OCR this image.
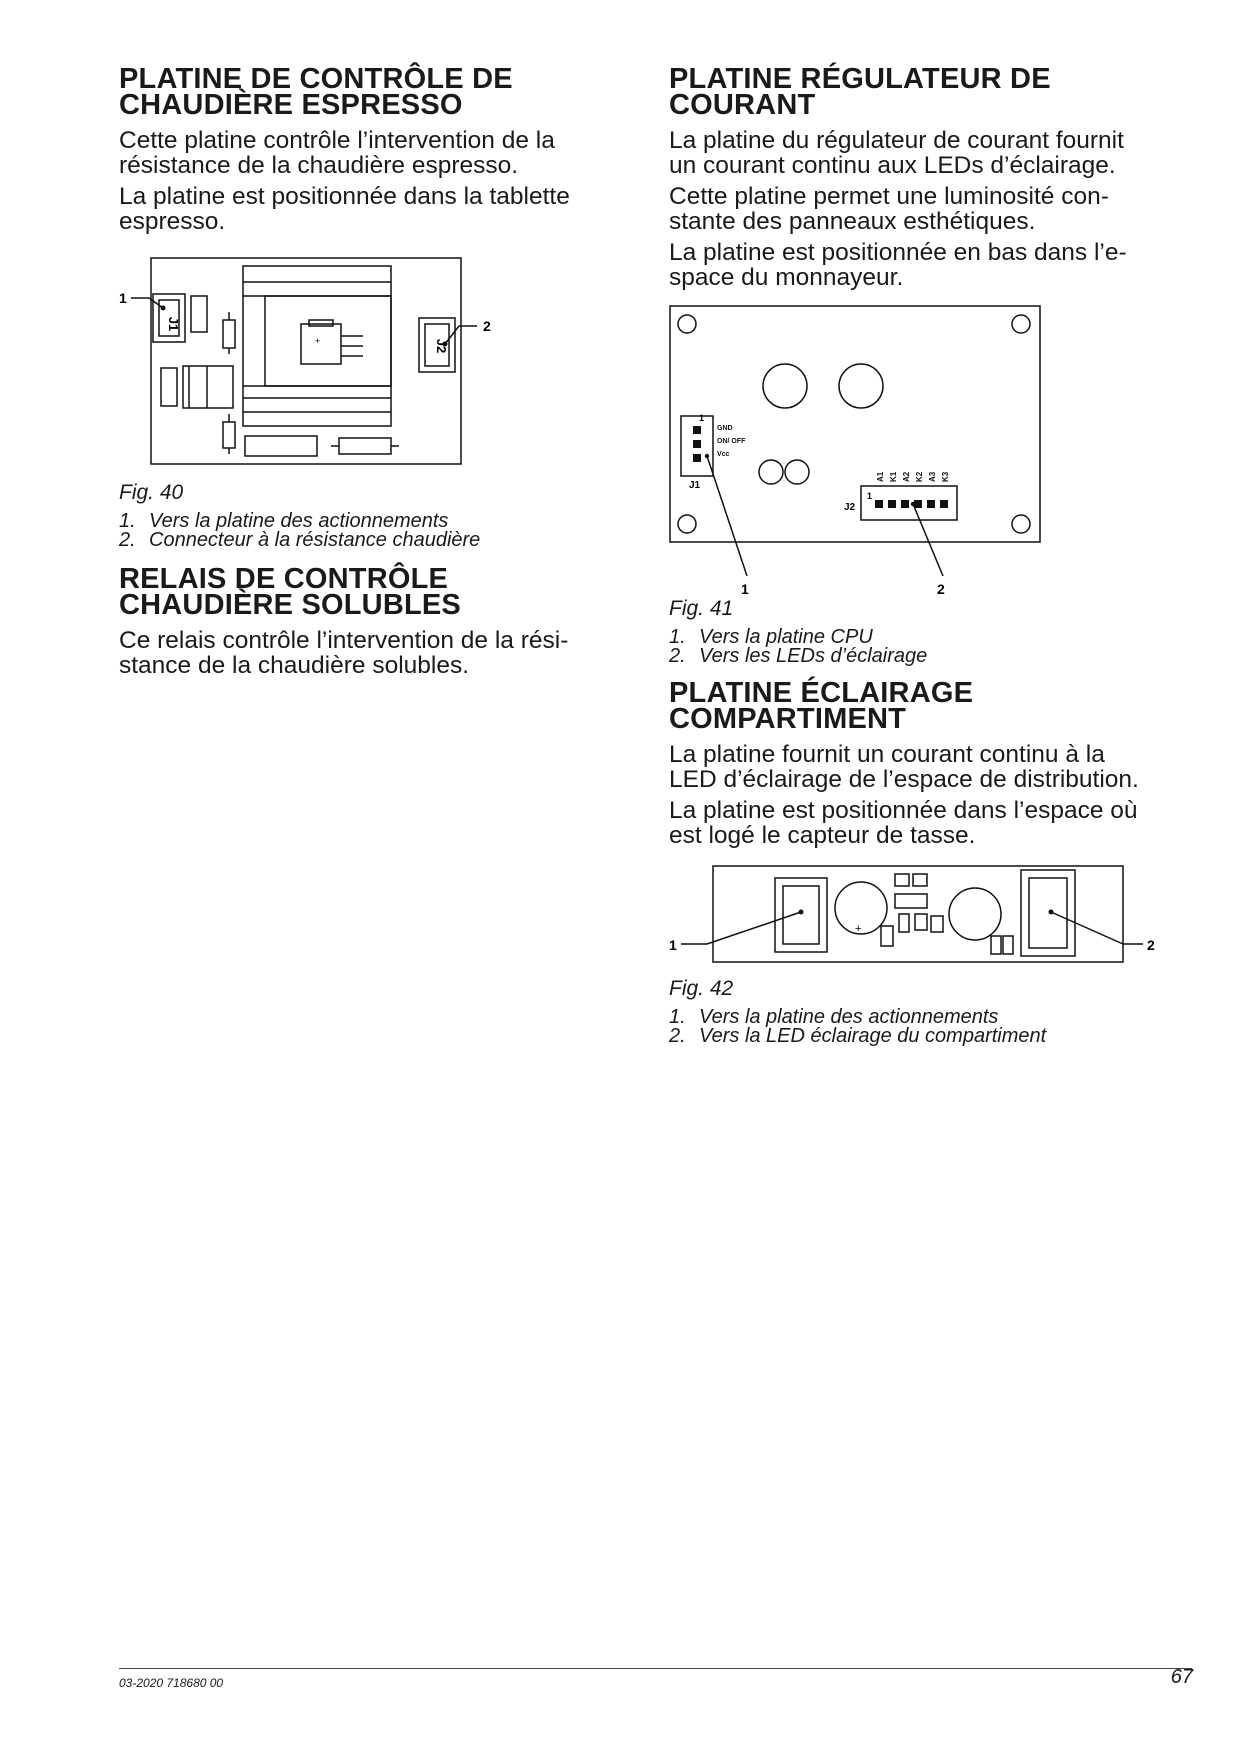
PLATINE DE CONTRÔLE DE
CHAUDIÈRE ESPRESSO

Cette platine contrôle l’intervention de la
résistance de la chaudière espresso.

La platine est positionnée dans la tablette
espresso.

J1
J2
+
1
2

Fig. 40

1. Vers la platine des actionnements
2. Connecteur à la résistance chaudière
RELAIS DE CONTRÔLE
CHAUDIÈRE SOLUBLES

Ce relais contrôle l’intervention de la rési-
stance de la chaudière solubles.

PLATINE RÉGULATEUR DE
COURANT

La platine du régulateur de courant fournit
un courant continu aux LEDs d’éclairage.

Cette platine permet une luminosité con-
stante des panneaux esthétiques.

La platine est positionnée en bas dans l’e-
space du monnayeur.

GND
ON/ OFF
Vcc
1
J1
1
J2
A1 K1 A2 K2 A3 K3
1	2

Fig. 41

1. Vers la platine CPU
2. Vers les LEDs d’éclairage
PLATINE ÉCLAIRAGE
COMPARTIMENT

La platine fournit un courant continu à la
LED d’éclairage de l’espace de distribution.

La platine est positionnée dans l’espace où
est logé le capteur de tasse.

+
1	2

Fig. 42

1. Vers la platine des actionnements
2. Vers la LED éclairage du compartiment
03-2020 718680 00	67
